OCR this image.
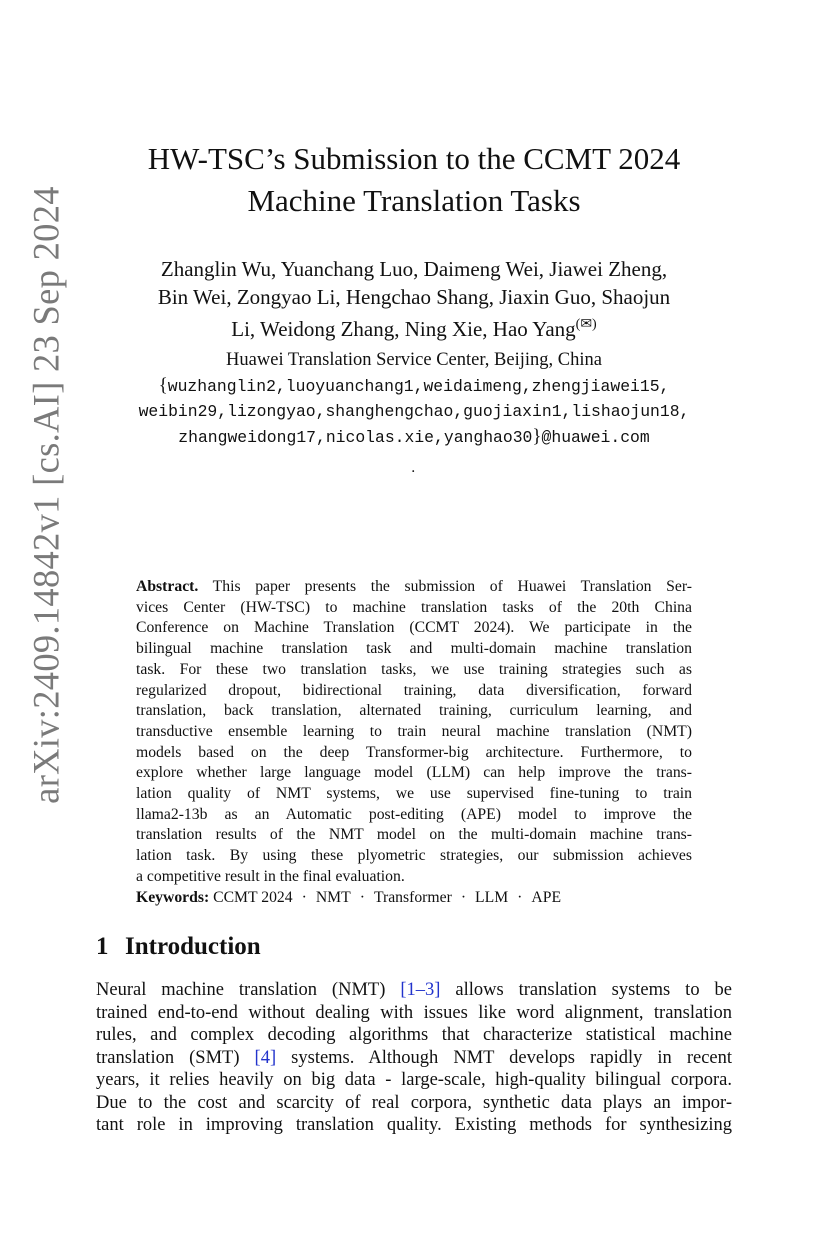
arXiv:2409.14842v1 [cs.AI] 23 Sep 2024
HW-TSC’s Submission to the CCMT 2024
Machine Translation Tasks
Zhanglin Wu, Yuanchang Luo, Daimeng Wei, Jiawei Zheng,
Bin Wei, Zongyao Li, Hengchao Shang, Jiaxin Guo, Shaojun
Li, Weidong Zhang, Ning Xie, Hao Yang(✉)
Huawei Translation Service Center, Beijing, China
{wuzhanglin2,luoyuanchang1,weidaimeng,zhengjiawei15,
weibin29,lizongyao,shanghengchao,guojiaxin1,lishaojun18,
zhangweidong17,nicolas.xie,yanghao30}@huawei.com
.
Abstract. This paper presents the submission of Huawei Translation Ser-
vices Center (HW-TSC) to machine translation tasks of the 20th China
Conference on Machine Translation (CCMT 2024). We participate in the
bilingual machine translation task and multi-domain machine translation
task. For these two translation tasks, we use training strategies such as
regularized dropout, bidirectional training, data diversification, forward
translation, back translation, alternated training, curriculum learning, and
transductive ensemble learning to train neural machine translation (NMT)
models based on the deep Transformer-big architecture. Furthermore, to
explore whether large language model (LLM) can help improve the trans-
lation quality of NMT systems, we use supervised fine-tuning to train
llama2-13b as an Automatic post-editing (APE) model to improve the
translation results of the NMT model on the multi-domain machine trans-
lation task. By using these plyometric strategies, our submission achieves
a competitive result in the final evaluation.
Keywords: CCMT 2024 · NMT · Transformer · LLM · APE
1 Introduction
Neural machine translation (NMT) [1–3] allows translation systems to be
trained end-to-end without dealing with issues like word alignment, translation
rules, and complex decoding algorithms that characterize statistical machine
translation (SMT) [4] systems. Although NMT develops rapidly in recent
years, it relies heavily on big data - large-scale, high-quality bilingual corpora.
Due to the cost and scarcity of real corpora, synthetic data plays an impor-
tant role in improving translation quality. Existing methods for synthesizing
